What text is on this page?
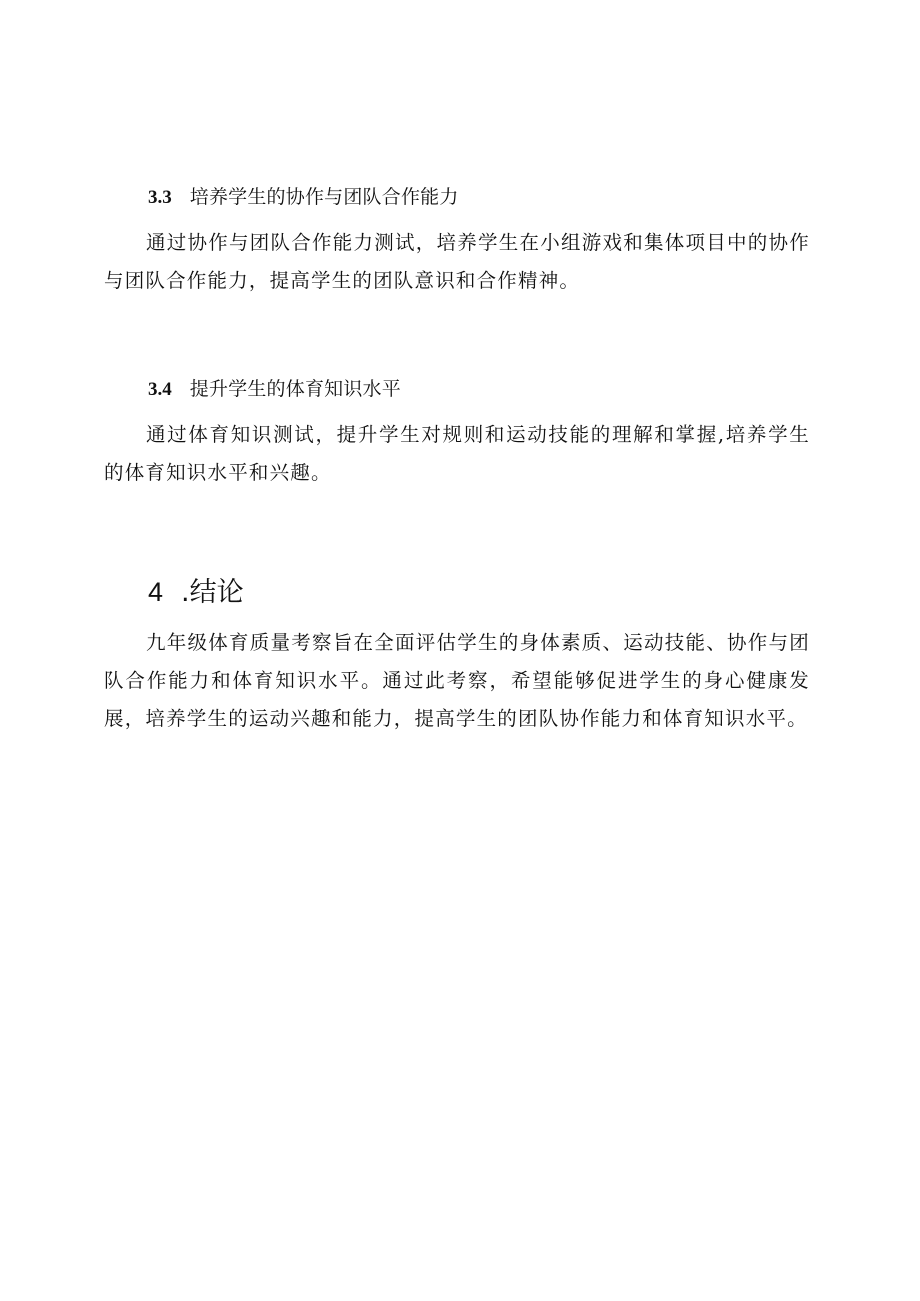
3.3 培养学生的协作与团队合作能力

通过协作与团队合作能力测试，培养学生在小组游戏和集体项目中的协作与团队合作能力，提高学生的团队意识和合作精神。

3.4 提升学生的体育知识水平

通过体育知识测试，提升学生对规则和运动技能的理解和掌握,培养学生的体育知识水平和兴趣。

4 .结论

九年级体育质量考察旨在全面评估学生的身体素质、运动技能、协作与团队合作能力和体育知识水平。通过此考察，希望能够促进学生的身心健康发展，培养学生的运动兴趣和能力，提高学生的团队协作能力和体育知识水平。
